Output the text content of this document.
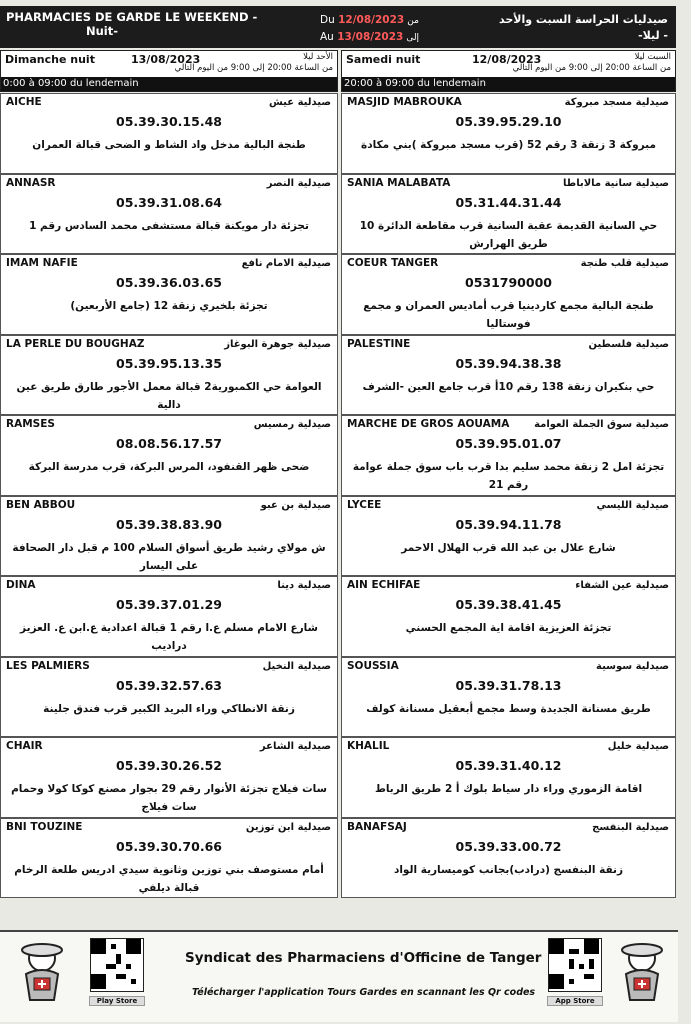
PHARMACIES DE GARDE LE WEEKEND -
Nuit-
Du 12/08/2023 من
Au 13/08/2023 إلى
صيدليات الحراسة السبت والأحد
- ليلا-
Dimanche nuit	13/08/2023	الأحد ليلا
من الساعة 20:00 إلى 9:00 من اليوم التالي
0:00 à 09:00 du lendemain
Samedi nuit	12/08/2023	السبت ليلا
من الساعة 20:00 إلى 9:00 من اليوم التالي
20:00 à 09:00 du lendemain
AICHE	صيدلية عيش
05.39.30.15.48
طنجة البالية مدخل واد الشاط و الضحى قبالة العمران
ANNASR	صيدلية النصر
05.39.31.08.64
تجزئة دار مويكنة قبالة مستشفى محمد السادس رقم 1
IMAM NAFIE	صيدلية الامام نافع
05.39.36.03.65
تجزئة بلخيري زنقة 12 (جامع الأربعين)
LA PERLE DU BOUGHAZ	صيدلية جوهرة البوغاز
05.39.95.13.35
العوامة حي الكمبورية2 قبالة معمل الأجور طارق طريق عين دالية
RAMSES	صيدلية رمسيس
08.08.56.17.57
ضحى ظهر القنفود، المرس البركة، قرب مدرسة البركة
BEN ABBOU	صيدلية بن عبو
05.39.38.83.90
ش مولاي رشيد طريق أسواق السلام 100 م قبل دار الصحافة على اليسار
DINA	صيدلية دينا
05.39.37.01.29
شارع الامام مسلم ع.ا رقم 1 قبالة اعدادية ع.ابن ع. العزيز دراديب
LES PALMIERS	صيدلية النخيل
05.39.32.57.63
زنقة الانطاكي وراء البريد الكبير قرب فندق جلينة
CHAIR	صيدلية الشاعر
05.39.30.26.52
سات فيلاج تجزئة الأنوار رقم 29 بجوار مصنع كوكا كولا وحمام سات فيلاج
BNI TOUZINE	صيدلية ابن توزين
05.39.30.70.66
أمام مستوصف بني توزين وثانوية سيدي ادريس طلعة الرخام قبالة ديلفي
MASJID MABROUKA	صيدلية مسجد مبروكة
05.39.95.29.10
مبروكة 3 زنقة 3 رقم 52 (قرب مسجد مبروكة )بني مكادة
SANIA MALABATA	صيدلية سانية مالاباطا
05.31.44.31.44
حي السانية القديمة عقبة السانية قرب مقاطعة الدائرة 10 طريق الهرارش
COEUR TANGER	صيدلية قلب طنجة
0531790000
طنجة البالية مجمع كاردينيا قرب أماديس العمران و مجمع فوستاليا
PALESTINE	صيدلية فلسطين
05.39.94.38.38
حي بنكيران زنقة 138 رقم 10أ قرب جامع العين -الشرف
MARCHE DE GROS AOUAMA صيدلية سوق الجملة العوامة
05.39.95.01.07
تجزئة امل 2 زنقة محمد سليم بدا قرب باب سوق جملة عوامة رقم 21
LYCEE	صيدلية الليسي
05.39.94.11.78
شارع علال بن عبد الله قرب الهلال الاحمر
AIN ECHIFAE	صيدلية عين الشفاء
05.39.38.41.45
تجزئة العزيزية اقامة اية المجمع الحسني
SOUSSIA	صيدلية سوسية
05.39.31.78.13
طريق مسنانة الجديدة وسط مجمع أبعقيل مسنانة كولف
KHALIL	صيدلية خليل
05.39.31.40.12
اقامة الزموري وراء دار سياط بلوك أ 2 طريق الرباط
BANAFSAJ	صيدلية البنفسج
05.39.33.00.72
زنقة البنفسج (درادب)بجانب كوميسارية الواد
Play Store
Syndicat des Pharmaciens d'Officine de Tanger
Télécharger l'application Tours Gardes en scannant les Qr codes
App Store
